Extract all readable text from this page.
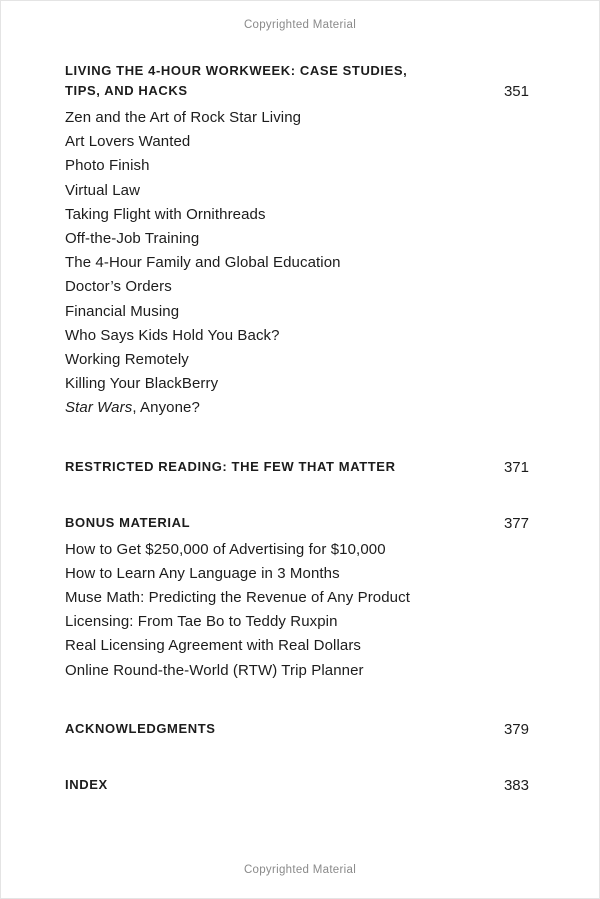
Copyrighted Material
LIVING THE 4-HOUR WORKWEEK: CASE STUDIES,
TIPS, AND HACKS	351
Zen and the Art of Rock Star Living
Art Lovers Wanted
Photo Finish
Virtual Law
Taking Flight with Ornithreads
Off-the-Job Training
The 4-Hour Family and Global Education
Doctor’s Orders
Financial Musing
Who Says Kids Hold You Back?
Working Remotely
Killing Your BlackBerry
Star Wars, Anyone?
RESTRICTED READING: THE FEW THAT MATTER	371
BONUS MATERIAL	377
How to Get $250,000 of Advertising for $10,000
How to Learn Any Language in 3 Months
Muse Math: Predicting the Revenue of Any Product
Licensing: From Tae Bo to Teddy Ruxpin
Real Licensing Agreement with Real Dollars
Online Round-the-World (RTW) Trip Planner
ACKNOWLEDGMENTS	379
INDEX	383
Copyrighted Material
